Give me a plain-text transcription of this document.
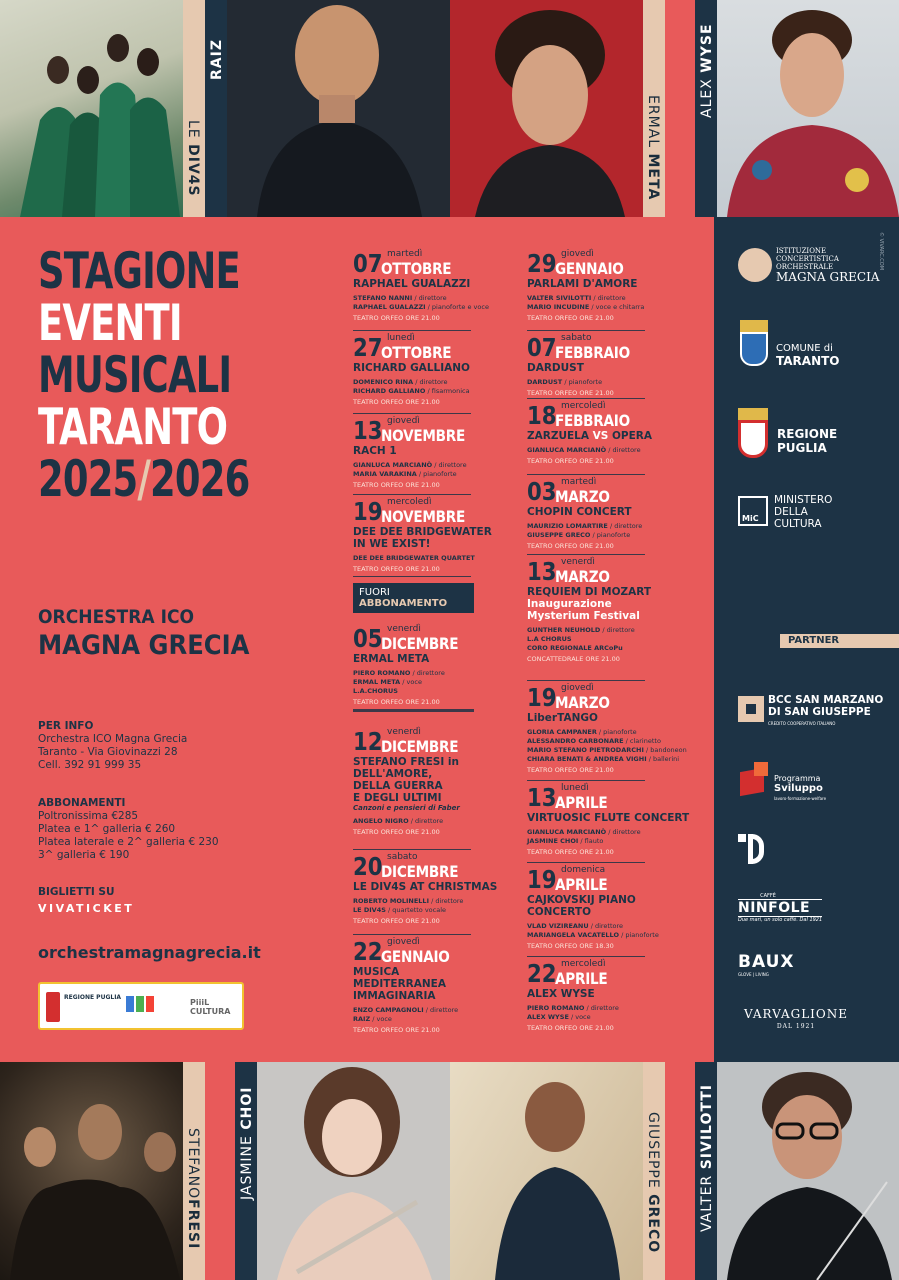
LE DIV4S
RAIZ
ERMAL META
ALEX WYSE
STAGIONE
EVENTI
MUSICALI
TARANTO
2025/2026
ORCHESTRA ICO
MAGNA GRECIA
PER INFO
Orchestra ICO Magna Grecia
Taranto - Via Giovinazzi 28
Cell. 392 91 999 35
ABBONAMENTI
Poltronissima €285
Platea e 1^ galleria € 260
Platea laterale e 2^ galleria € 230
3^ galleria € 190
BIGLIETTI SU
VIVATICKET
orchestramagnagrecia.it
REGIONE PUGLIA
PiiiL CULTURA
07 martedì
OTTOBRE
RAPHAEL GUALAZZI
STEFANO NANNI / direttore
RAPHAEL GUALAZZI / pianoforte e voce
TEATRO ORFEO ORE 21.00
27 lunedì
OTTOBRE
RICHARD GALLIANO
DOMENICO RINA / direttore
RICHARD GALLIANO / fisarmonica
TEATRO ORFEO ORE 21.00
13 giovedì
NOVEMBRE
RACH 1
GIANLUCA MARCIANÒ / direttore
MARIA VARAKINA / pianoforte
TEATRO ORFEO ORE 21.00
19 mercoledì
NOVEMBRE
DEE DEE BRIDGEWATER
IN WE EXIST!
DEE DEE BRIDGEWATER QUARTET
TEATRO ORFEO ORE 21.00
05 venerdì
DICEMBRE
ERMAL META
PIERO ROMANO / direttore
ERMAL META / voce
L.A.CHORUS
TEATRO ORFEO ORE 21.00
12 venerdì
DICEMBRE
STEFANO FRESI in
DELL'AMORE,
DELLA GUERRA
E DEGLI ULTIMI
Canzoni e pensieri di Faber
ANGELO NIGRO / direttore
TEATRO ORFEO ORE 21.00
20 sabato
DICEMBRE
LE DIV4S AT CHRISTMAS
ROBERTO MOLINELLI / direttore
LE DIV4S / quartetto vocale
TEATRO ORFEO ORE 21.00
22 giovedì
GENNAIO
MUSICA
MEDITERRANEA
IMMAGINARIA
ENZO CAMPAGNOLI / direttore
RAIZ / voce
TEATRO ORFEO ORE 21.00
29 giovedì
GENNAIO
PARLAMI D'AMORE
VALTER SIVILOTTI / direttore
MARIO INCUDINE / voce e chitarra
TEATRO ORFEO ORE 21.00
07 sabato
FEBBRAIO
DARDUST
DARDUST / pianoforte
TEATRO ORFEO ORE 21.00
18 mercoledì
FEBBRAIO
ZARZUELA VS OPERA
GIANLUCA MARCIANÒ / direttore
TEATRO ORFEO ORE 21.00
03 martedì
MARZO
CHOPIN CONCERT
MAURIZIO LOMARTIRE / direttore
GIUSEPPE GRECO / pianoforte
TEATRO ORFEO ORE 21.00
13 venerdì
MARZO
REQUIEM DI MOZART
Inaugurazione
Mysterium Festival
GUNTHER NEUHOLD / direttore
L.A CHORUS
CORO REGIONALE ARCoPu
CONCATTEDRALE ORE 21.00
19 giovedì
MARZO
LiberTANGO
GLORIA CAMPANER / pianoforte
ALESSANDRO CARBONARE / clarinetto
MARIO STEFANO PIETRODARCHI / bandoneon
CHIARA BENATI & ANDREA VIGHI / ballerini
TEATRO ORFEO ORE 21.00
13 lunedì
APRILE
VIRTUOSIC FLUTE CONCERT
GIANLUCA MARCIANÒ / direttore
JASMINE CHOI / flauto
TEATRO ORFEO ORE 21.00
19 domenica
APRILE
CAJKOVSKIJ PIANO
CONCERTO
VLAD VIZIREANU / direttore
MARIANGELA VACATELLO / pianoforte
TEATRO ORFEO ORE 18.30
22 mercoledì
APRILE
ALEX WYSE
PIERO ROMANO / direttore
ALEX WYSE / voce
TEATRO ORFEO ORE 21.00
FUORI
ABBONAMENTO
© VIVARC.COM
ISTITUZIONE
CONCERTISTICA
ORCHESTRALE
MAGNA GRECIA
COMUNE di
TARANTO
REGIONE
PUGLIA
MiC
MINISTERO
DELLA
CULTURA
PARTNER
BCC SAN MARZANO
DI SAN GIUSEPPE
CREDITO COOPERATIVO ITALIANO
Programma
Sviluppo
lavoro·formazione·welfare
CAFFÈ
NINFOLE
Due mari, un solo caffè. Dal 1921
BAUX
GLOVE | LIVING
VARVAGLIONE
DAL 1921
STEFANOFRESI
JASMINE CHOI
GIUSEPPE GRECO	VALTER SIVILOTTI
